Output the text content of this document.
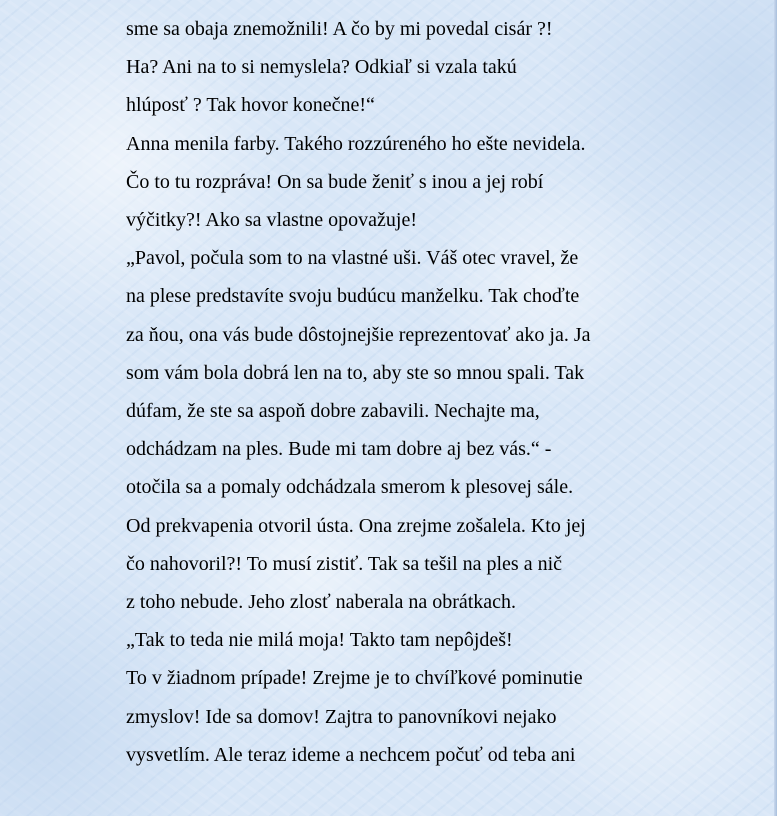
sme sa obaja znemožnili! A čo by mi povedal cisár ?!
Ha? Ani na to si nemyslela? Odkiaľ si vzala takú
hlúposť ? Tak hovor konečne!“
Anna menila farby. Takého rozzúreného ho ešte nevidela.
Čo to tu rozpráva! On sa bude ženiť s inou a jej robí
výčitky?! Ako sa vlastne opovažuje!
„Pavol, počula som to na vlastné uši. Váš otec vravel, že
na plese predstavíte svoju budúcu manželku. Tak choďte
za ňou, ona vás bude dôstojnejšie reprezentovať ako ja. Ja
som vám bola dobrá len na to, aby ste so mnou spali. Tak
dúfam, že ste sa aspoň dobre zabavili. Nechajte ma,
odchádzam na ples. Bude mi tam dobre aj bez vás.“ -
otočila sa a pomaly odchádzala smerom k plesovej sále.
Od prekvapenia otvoril ústa. Ona zrejme zošalela. Kto jej
čo nahovoril?! To musí zistiť. Tak sa tešil na ples a nič
z toho nebude. Jeho zlosť naberala na obrátkach.
„Tak to teda nie milá moja! Takto tam nepôjdeš!
To v žiadnom prípade! Zrejme je to chvíľkové pominutie
zmyslov! Ide sa domov! Zajtra to panovníkovi nejako
vysvetlím. Ale teraz ideme a nechcem počuť od teba ani
